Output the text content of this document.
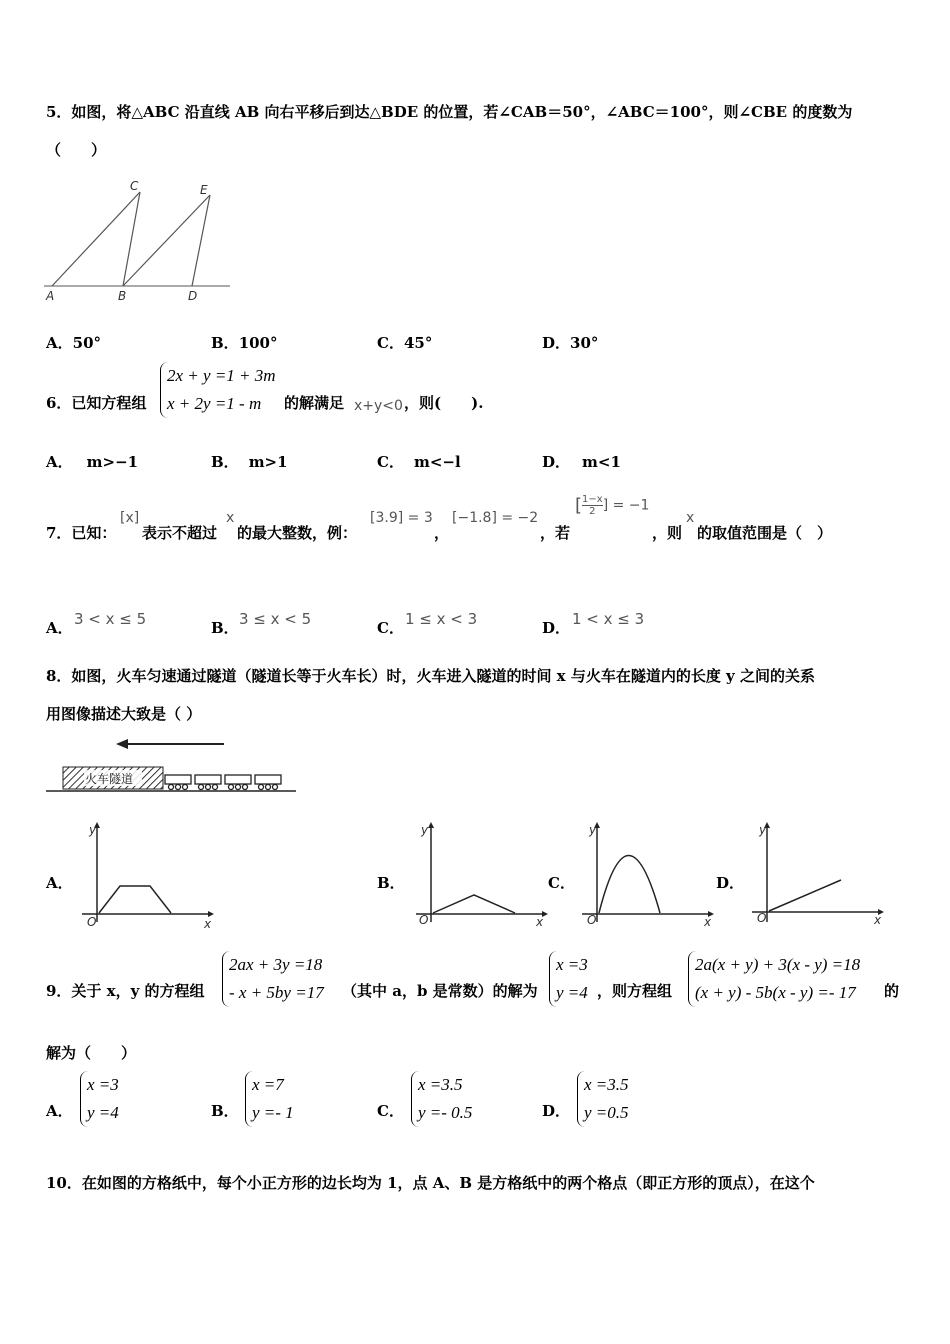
5．如图，将△ABC 沿直线 AB 向右平移后到达△BDE 的位置，若∠CAB＝50°，∠ABC＝100°，则∠CBE 的度数为
（　　）
A	B	D
C	E
A．50°	B．100°	C．45°	D．30°
6．已知方程组
2x + y =1 + 3m
x + 2y =1 - m	的解满足 x+y<0 ，则(　　).
A． m>−1	B． m>1	C． m<−l	D． m<1
7．已知：
[x]
表示不超过
x
的最大整数，例：
[3.9] = 3
，
[−1.8] = −2
，若
[ $\frac{1-x}{2}$ ] = −1
，则
x
的取值范围是（　）
A． 3 < x ≤ 5	B． 3 ≤ x < 5	C． 1 ≤ x < 3	D． 1 < x ≤ 3
8．如图，火车匀速通过隧道（隧道长等于火车长）时，火车进入隧道的时间 x 与火车在隧道内的长度 y 之间的关系
用图像描述大致是（ ）
火车隧道
A．
y
x
O
B．
y
x
O
C．
y
x
O
D．
y
x
O
9．关于 x，y 的方程组
2ax + 3y =18
- x + 5by =17 （其中 a，b 是常数）的解为
x =3
y =4 ，则方程组
2a(x + y) + 3(x - y) =18
(x + y) - 5b(x - y) =- 17 的
解为（　　）
A．
x =3
y =4	B．
x =7
y =- 1	C．
x =3.5
y =- 0.5	D．
x =3.5
y =0.5
10．在如图的方格纸中，每个小正方形的边长均为 1，点 A、B 是方格纸中的两个格点（即正方形的顶点），在这个
